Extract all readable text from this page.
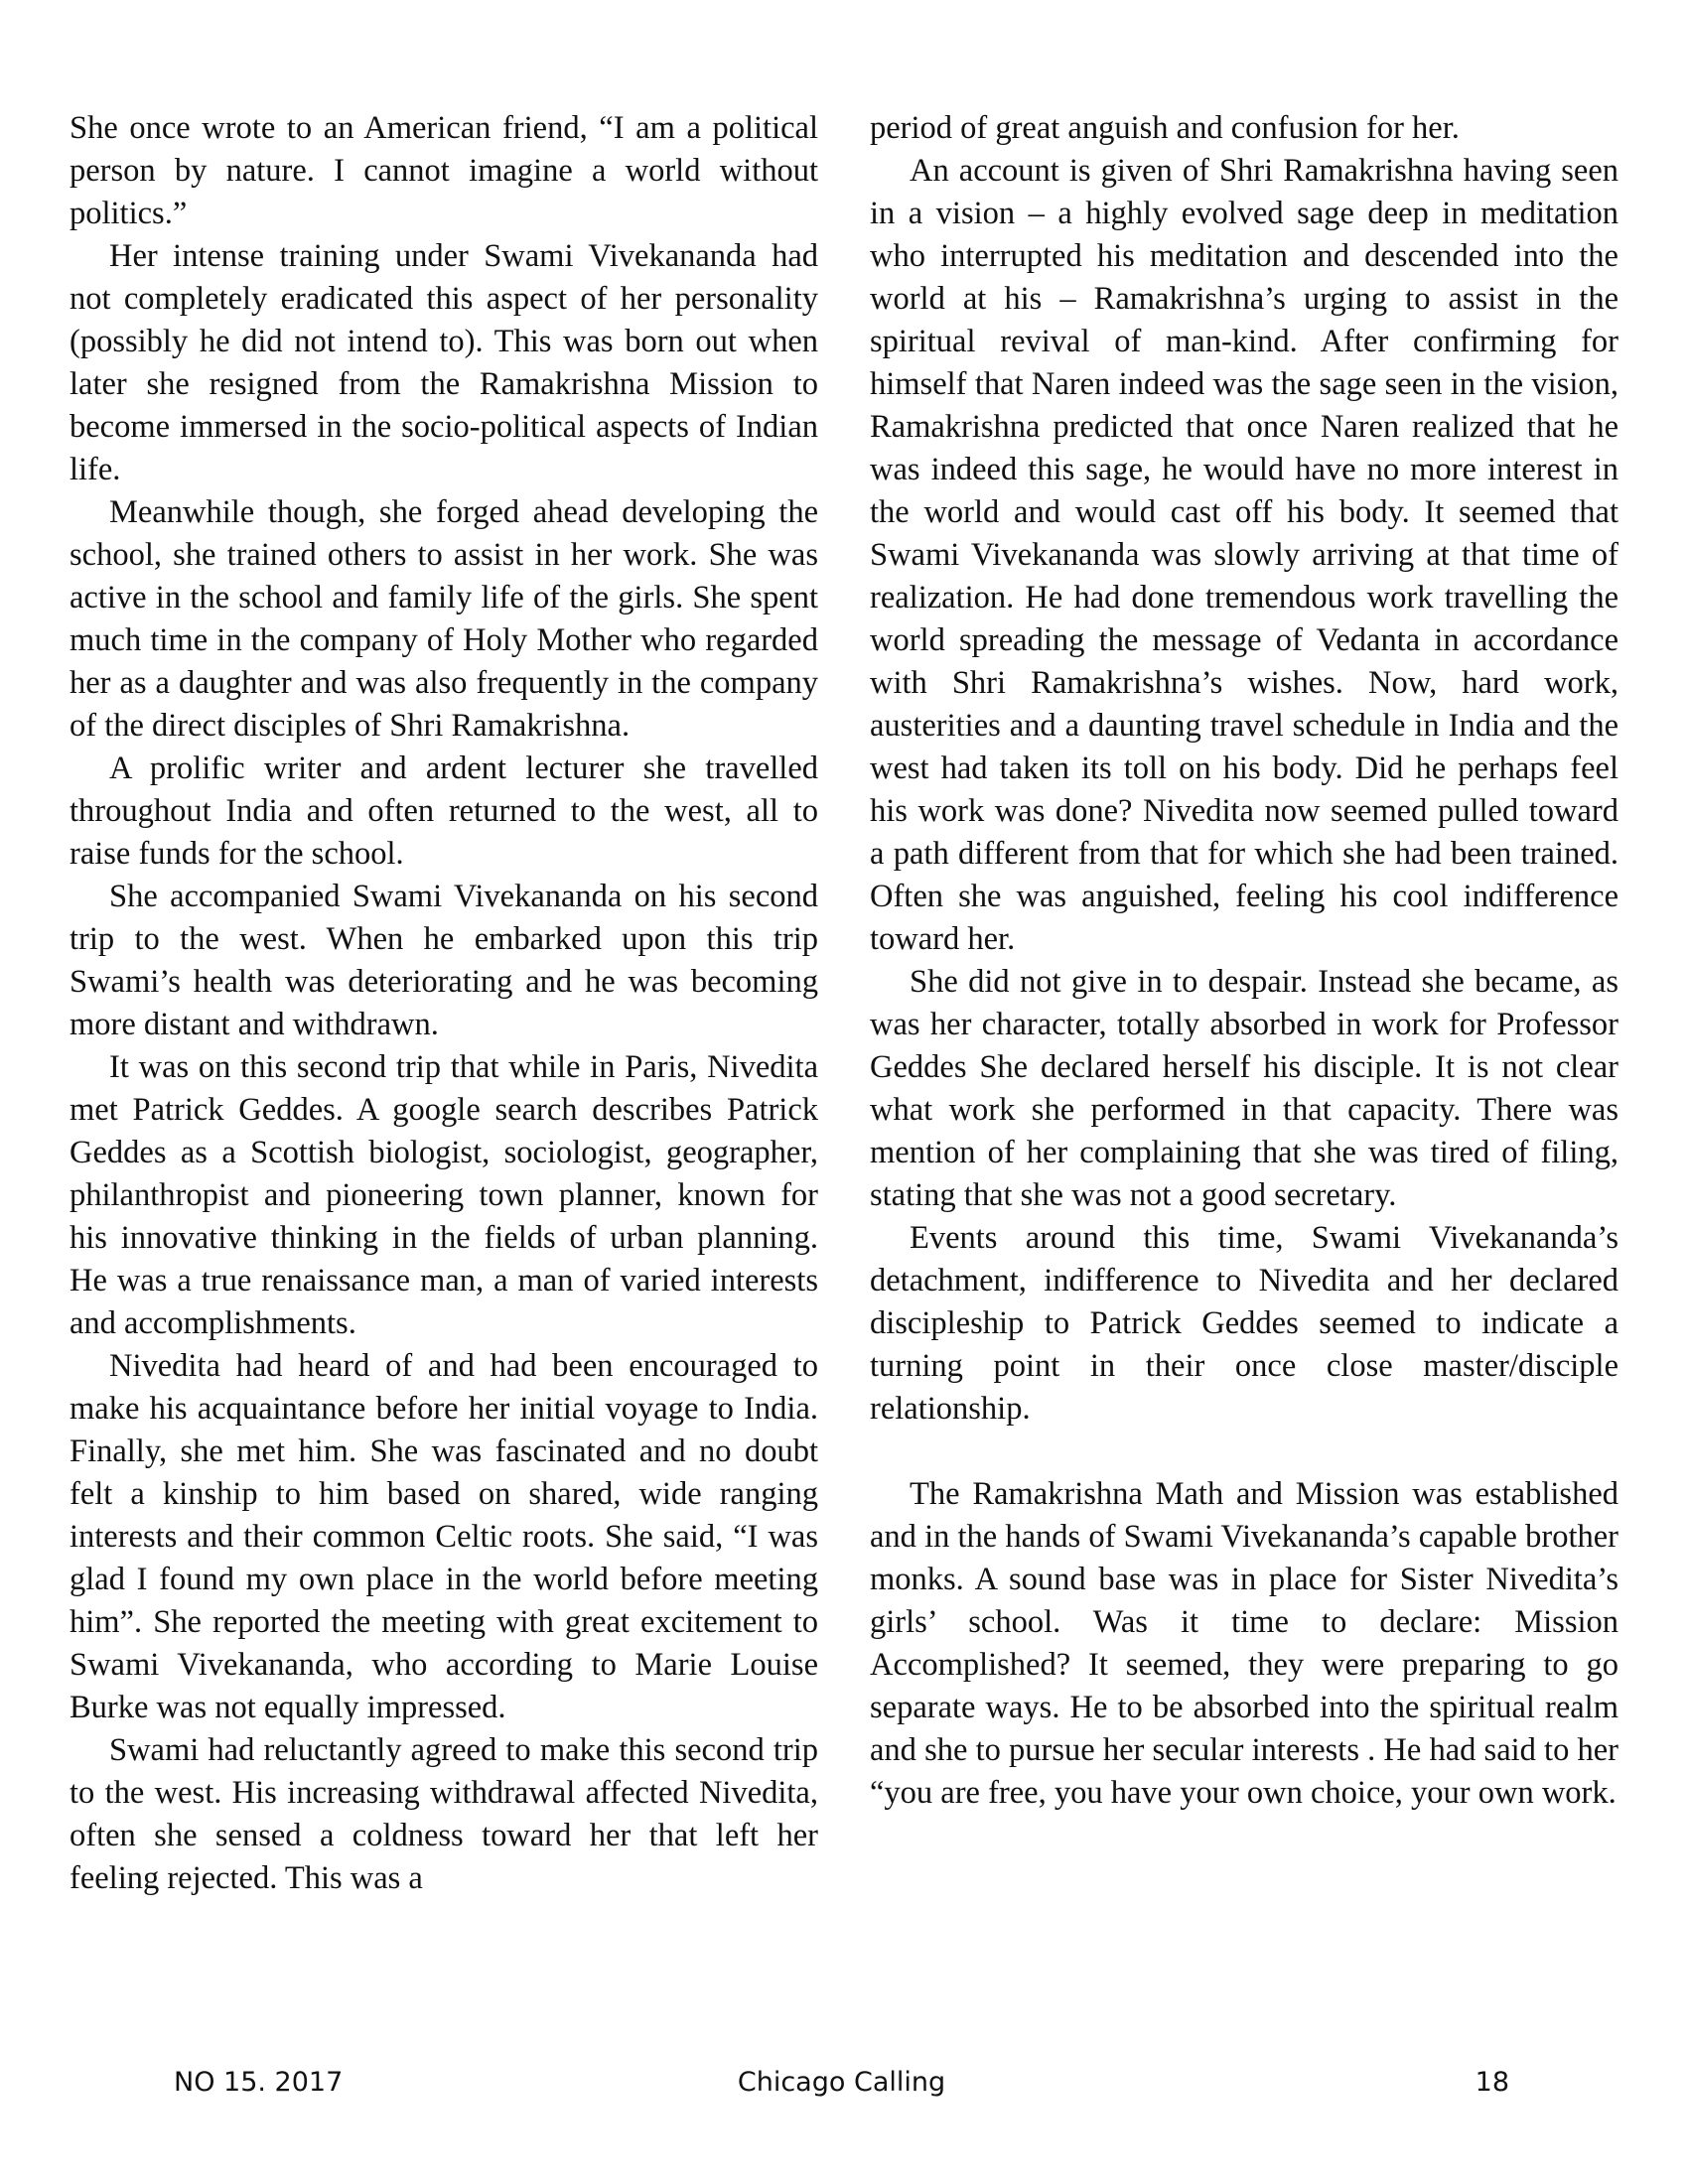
She once wrote to an American friend, “I am a political person by nature. I cannot imagine a world without politics.”

Her intense training under Swami Vivekananda had not completely eradicated this aspect of her personality (possibly he did not intend to). This was born out when later she resigned from the Ramakrishna Mission to become immersed in the socio-political aspects of Indian life.

Meanwhile though, she forged ahead developing the school, she trained others to assist in her work. She was active in the school and family life of the girls. She spent much time in the company of Holy Mother who regarded her as a daughter and was also frequently in the company of the direct disciples of Shri Ramakrishna.

A prolific writer and ardent lecturer she travelled throughout India and often returned to the west, all to raise funds for the school.

She accompanied Swami Vivekananda on his second trip to the west. When he embarked upon this trip Swami’s health was deteriorating and he was becoming more distant and withdrawn.

It was on this second trip that while in Paris, Nivedita met Patrick Geddes. A google search describes Patrick Geddes as a Scottish biologist, sociologist, geographer, philanthropist and pioneering town planner, known for his innovative thinking in the fields of urban planning. He was a true renaissance man, a man of varied interests and accomplishments.

Nivedita had heard of and had been encouraged to make his acquaintance before her initial voyage to India. Finally, she met him. She was fascinated and no doubt felt a kinship to him based on shared, wide ranging interests and their common Celtic roots. She said, “I was glad I found my own place in the world before meeting him”. She reported the meeting with great excitement to Swami Vivekananda, who according to Marie Louise Burke was not equally impressed.

Swami had reluctantly agreed to make this second trip to the west. His increasing withdrawal affected Nivedita, often she sensed a coldness toward her that left her feeling rejected. This was a

period of great anguish and confusion for her.

An account is given of Shri Ramakrishna having seen in a vision – a highly evolved sage deep in meditation who interrupted his meditation and descended into the world at his – Ramakrishna’s urging to assist in the spiritual revival of man-kind. After confirming for himself that Naren indeed was the sage seen in the vision, Ramakrishna predicted that once Naren realized that he was indeed this sage, he would have no more interest in the world and would cast off his body. It seemed that Swami Vivekananda was slowly arriving at that time of realization. He had done tremendous work travelling the world spreading the message of Vedanta in accordance with Shri Ramakrishna’s wishes. Now, hard work, austerities and a daunting travel schedule in India and the west had taken its toll on his body. Did he perhaps feel his work was done? Nivedita now seemed pulled toward a path different from that for which she had been trained. Often she was anguished, feeling his cool indifference toward her.

She did not give in to despair. Instead she became, as was her character, totally absorbed in work for Professor Geddes She declared herself his disciple. It is not clear what work she performed in that capacity. There was mention of her complaining that she was tired of filing, stating that she was not a good secretary.

Events around this time, Swami Vivekananda’s detachment, indifference to Nivedita and her declared discipleship to Patrick Geddes seemed to indicate a turning point in their once close master/disciple relationship.

The Ramakrishna Math and Mission was established and in the hands of Swami Vivekananda’s capable brother monks. A sound base was in place for Sister Nivedita’s girls’ school. Was it time to declare: Mission Accomplished? It seemed, they were preparing to go separate ways. He to be absorbed into the spiritual realm and she to pursue her secular interests . He had said to her “you are free, you have your own choice, your own work.

NO 15. 2017	Chicago Calling	18
